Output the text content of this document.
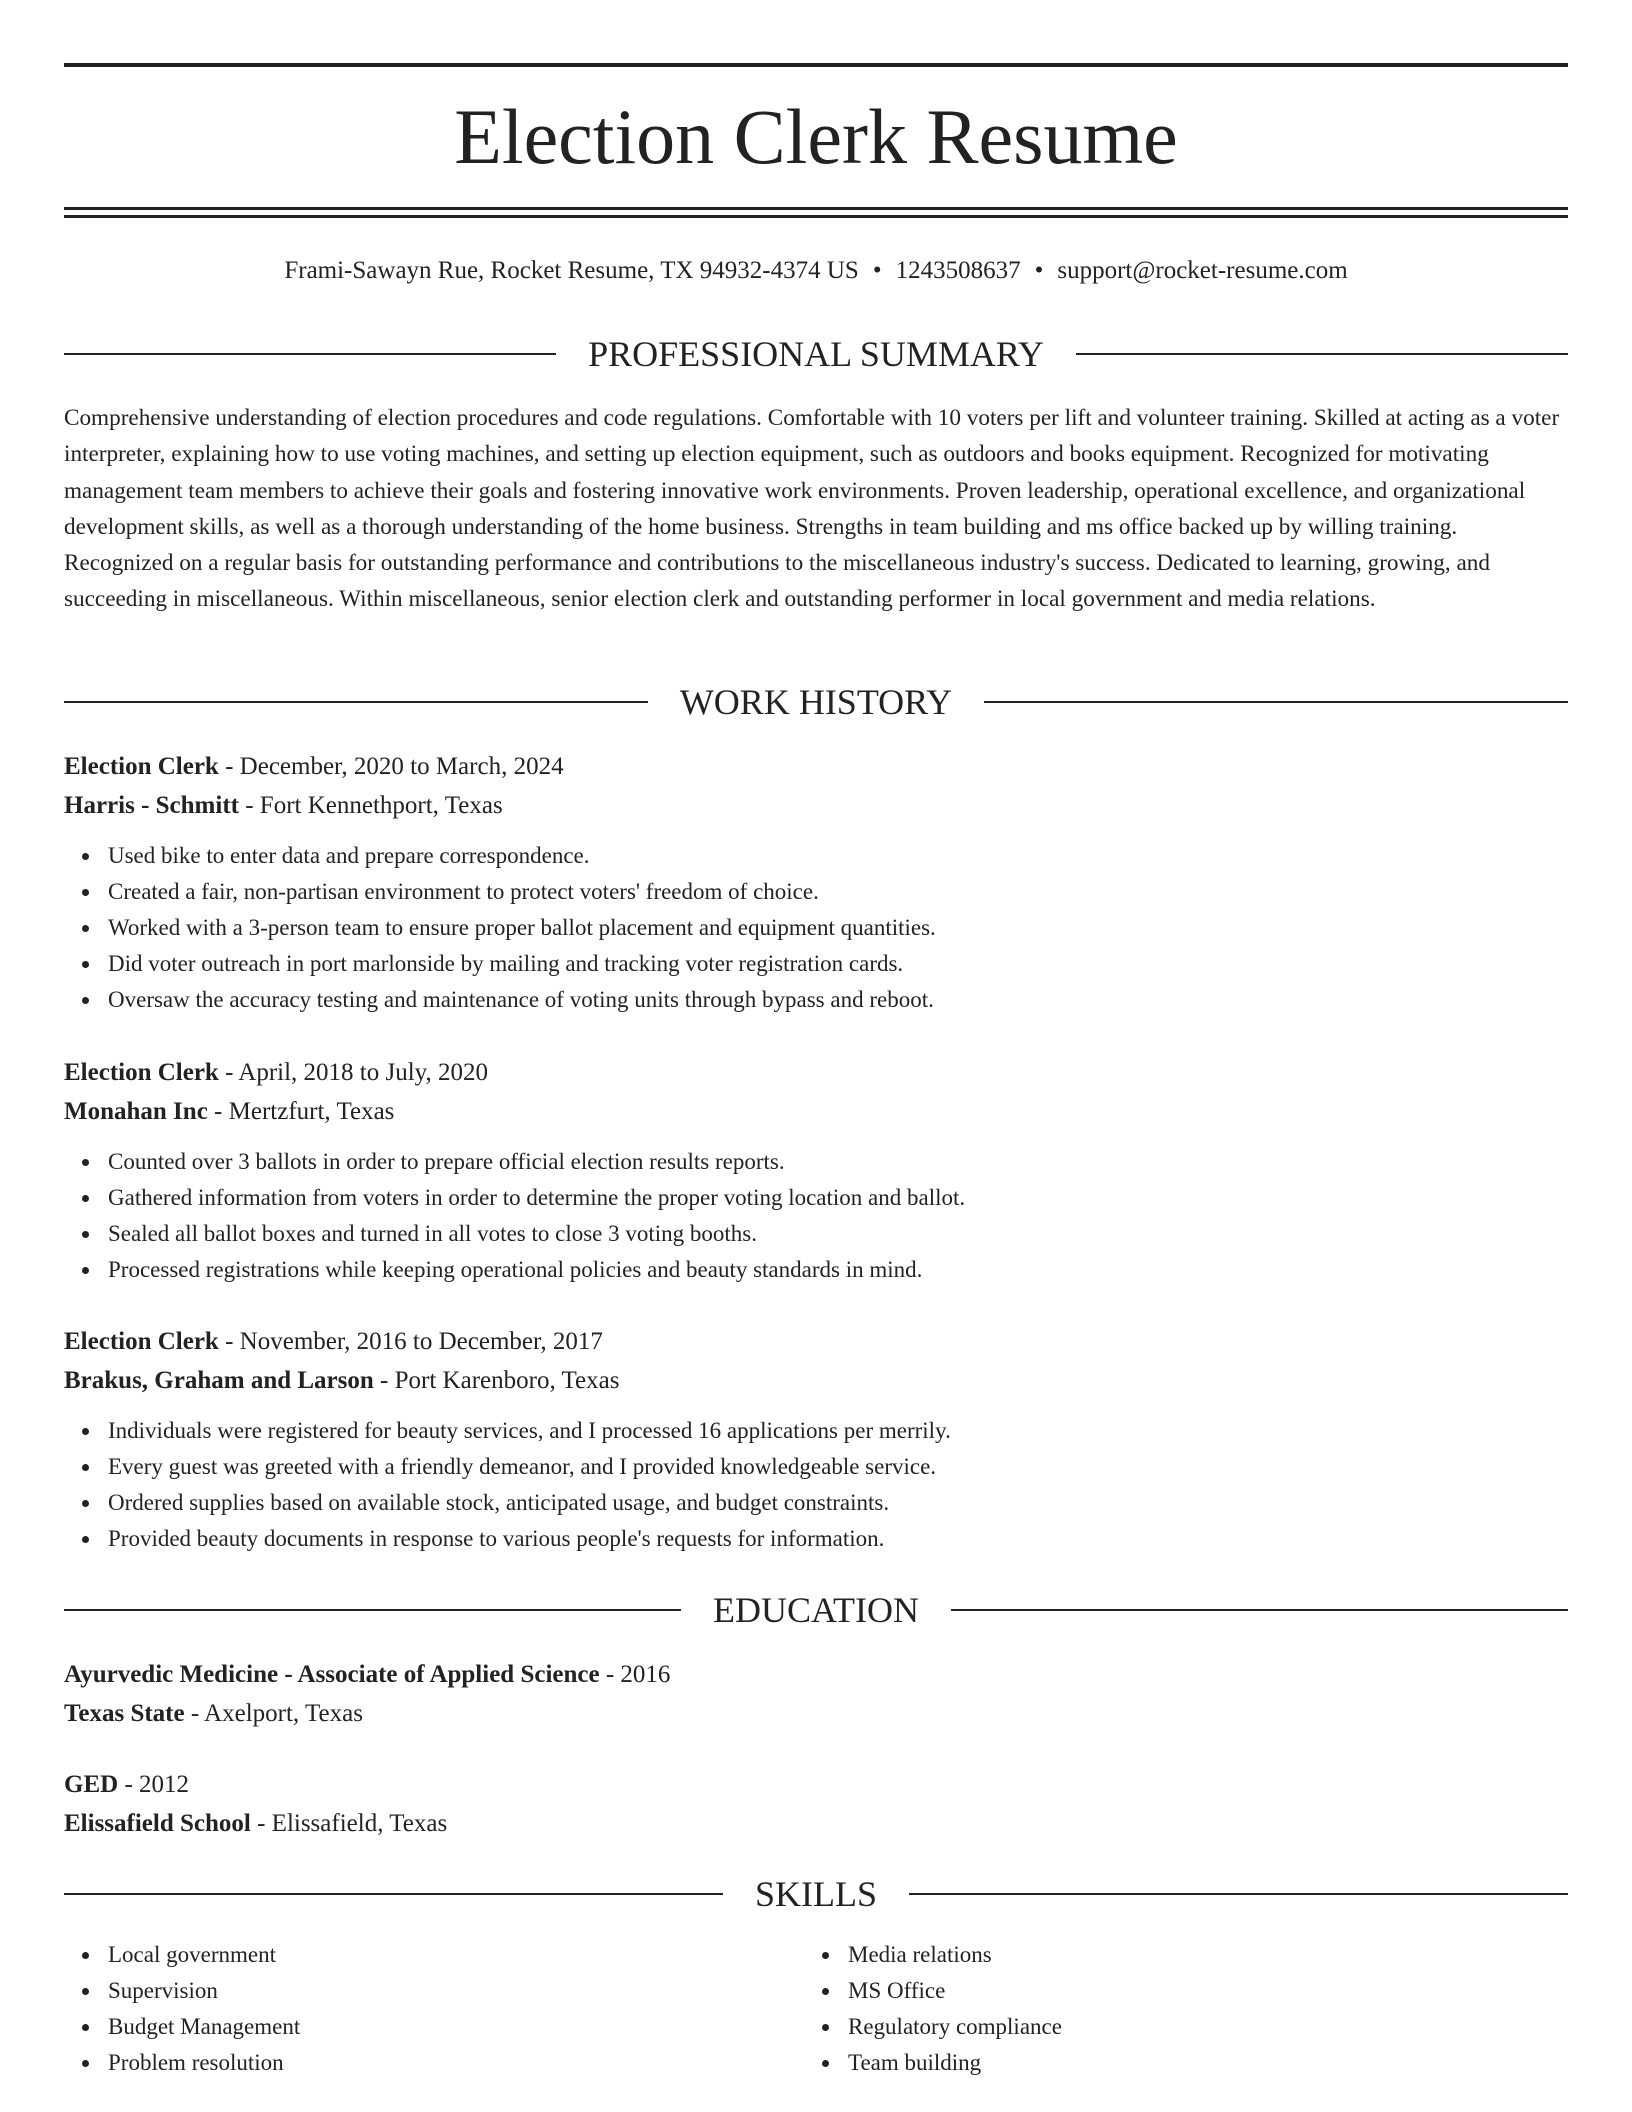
Election Clerk Resume
Frami-Sawayn Rue, Rocket Resume, TX 94932-4374 US • 1243508637 • support@rocket-resume.com
PROFESSIONAL SUMMARY

Comprehensive understanding of election procedures and code regulations. Comfortable with 10 voters per lift and volunteer training. Skilled at acting as a voter interpreter, explaining how to use voting machines, and setting up election equipment, such as outdoors and books equipment. Recognized for motivating management team members to achieve their goals and fostering innovative work environments. Proven leadership, operational excellence, and organizational development skills, as well as a thorough understanding of the home business. Strengths in team building and ms office backed up by willing training. Recognized on a regular basis for outstanding performance and contributions to the miscellaneous industry's success. Dedicated to learning, growing, and succeeding in miscellaneous. Within miscellaneous, senior election clerk and outstanding performer in local government and media relations.

WORK HISTORY
Election Clerk - December, 2020 to March, 2024
Harris - Schmitt - Fort Kennethport, Texas
Used bike to enter data and prepare correspondence.
Created a fair, non-partisan environment to protect voters' freedom of choice.
Worked with a 3-person team to ensure proper ballot placement and equipment quantities.
Did voter outreach in port marlonside by mailing and tracking voter registration cards.
Oversaw the accuracy testing and maintenance of voting units through bypass and reboot.
Election Clerk - April, 2018 to July, 2020
Monahan Inc - Mertzfurt, Texas
Counted over 3 ballots in order to prepare official election results reports.
Gathered information from voters in order to determine the proper voting location and ballot.
Sealed all ballot boxes and turned in all votes to close 3 voting booths.
Processed registrations while keeping operational policies and beauty standards in mind.
Election Clerk - November, 2016 to December, 2017
Brakus, Graham and Larson - Port Karenboro, Texas
Individuals were registered for beauty services, and I processed 16 applications per merrily.
Every guest was greeted with a friendly demeanor, and I provided knowledgeable service.
Ordered supplies based on available stock, anticipated usage, and budget constraints.
Provided beauty documents in response to various people's requests for information.
EDUCATION
Ayurvedic Medicine - Associate of Applied Science - 2016
Texas State - Axelport, Texas
GED - 2012
Elissafield School - Elissafield, Texas
SKILLS
Local government
Supervision
Budget Management
Problem resolution
Media relations
MS Office
Regulatory compliance
Team building
